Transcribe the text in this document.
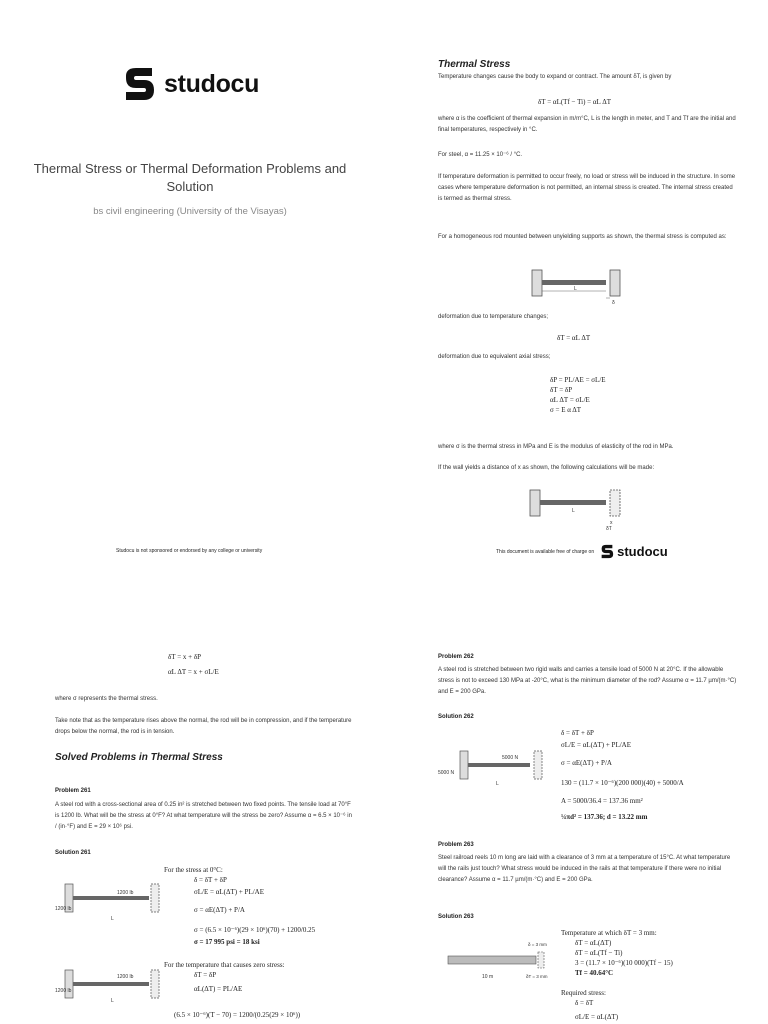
studocu
Thermal Stress or Thermal Deformation Problems and Solution
bs civil engineering (University of the Visayas)
Studocu is not sponsored or endorsed by any college or university
Thermal Stress
Temperature changes cause the body to expand or contract. The amount δT, is given by
δT = αL(Tf − Ti) = αL ΔT
where α is the coefficient of thermal expansion in m/m°C, L is the length in meter, and T and Tf are the initial and final temperatures, respectively in °C.
For steel, α = 11.25 × 10⁻⁶ / °C.
If temperature deformation is permitted to occur freely, no load or stress will be induced in the structure. In some cases where temperature deformation is not permitted, an internal stress is created. The internal stress created is termed as thermal stress.
For a homogeneous rod mounted between unyielding supports as shown, the thermal stress is computed as:
L
δ
deformation due to temperature changes;
δT = αL ΔT
deformation due to equivalent axial stress;
δP = PL/AE = σL/E
δT = δP
αL ΔT = σL/E
σ = E α ΔT
where σ is the thermal stress in MPa and E is the modulus of elasticity of the rod in MPa.
If the wall yields a distance of x as shown, the following calculations will be made:
L
x
δT
This document is available free of charge on studocu
δT = x + δP
αL ΔT = x + σL/E
where σ represents the thermal stress.
Take note that as the temperature rises above the normal, the rod will be in compression, and if the temperature drops below the normal, the rod is in tension.
Solved Problems in Thermal Stress
Problem 261
A steel rod with a cross-sectional area of 0.25 in² is stretched between two fixed points. The tensile load at 70°F is 1200 lb. What will be the stress at 0°F? At what temperature will the stress be zero? Assume α = 6.5 × 10⁻⁶ in / (in·°F) and E = 29 × 10⁶ psi.
Solution 261
1200 lb
1200 lb
L
For the stress at 0°C:
δ = δT + δP
σL/E = αL(ΔT) + PL/AE
σ = αE(ΔT) + P/A
σ = (6.5 × 10⁻⁶)(29 × 10⁶)(70) + 1200/0.25
σ = 17 995 psi = 18 ksi
1200 lb
1200 lb
L
For the temperature that causes zero stress:
δT = δP
αL(ΔT) = PL/AE
(6.5 × 10⁻⁶)(T − 70) = 1200/(0.25(29 × 10⁶))
Problem 262
A steel rod is stretched between two rigid walls and carries a tensile load of 5000 N at 20°C. If the allowable stress is not to exceed 130 MPa at -20°C, what is the minimum diameter of the rod? Assume α = 11.7 µm/(m·°C) and E = 200 GPa.
Solution 262
5000 N
5000 N
L
δ = δT + δP
σL/E = αL(ΔT) + PL/AE
σ = αE(ΔT) + P/A
130 = (11.7 × 10⁻⁶)(200 000)(40) + 5000/A
A = 5000/36.4 = 137.36 mm²
¼πd² = 137.36; d = 13.22 mm
Problem 263
Steel railroad reels 10 m long are laid with a clearance of 3 mm at a temperature of 15°C. At what temperature will the rails just touch? What stress would be induced in the rails at that temperature if there were no initial clearance? Assume α = 11.7 µm/(m·°C) and E = 200 GPa.
Solution 263
δ = 3 mm
10 m	δT = 3 mm
Temperature at which δT = 3 mm:
δT = αL(ΔT)
δT = αL(Tf − Ti)
3 = (11.7 × 10⁻⁶)(10 000)(Tf − 15)
Tf = 40.64°C
Required stress:
δ = δT
σL/E = αL(ΔT)
